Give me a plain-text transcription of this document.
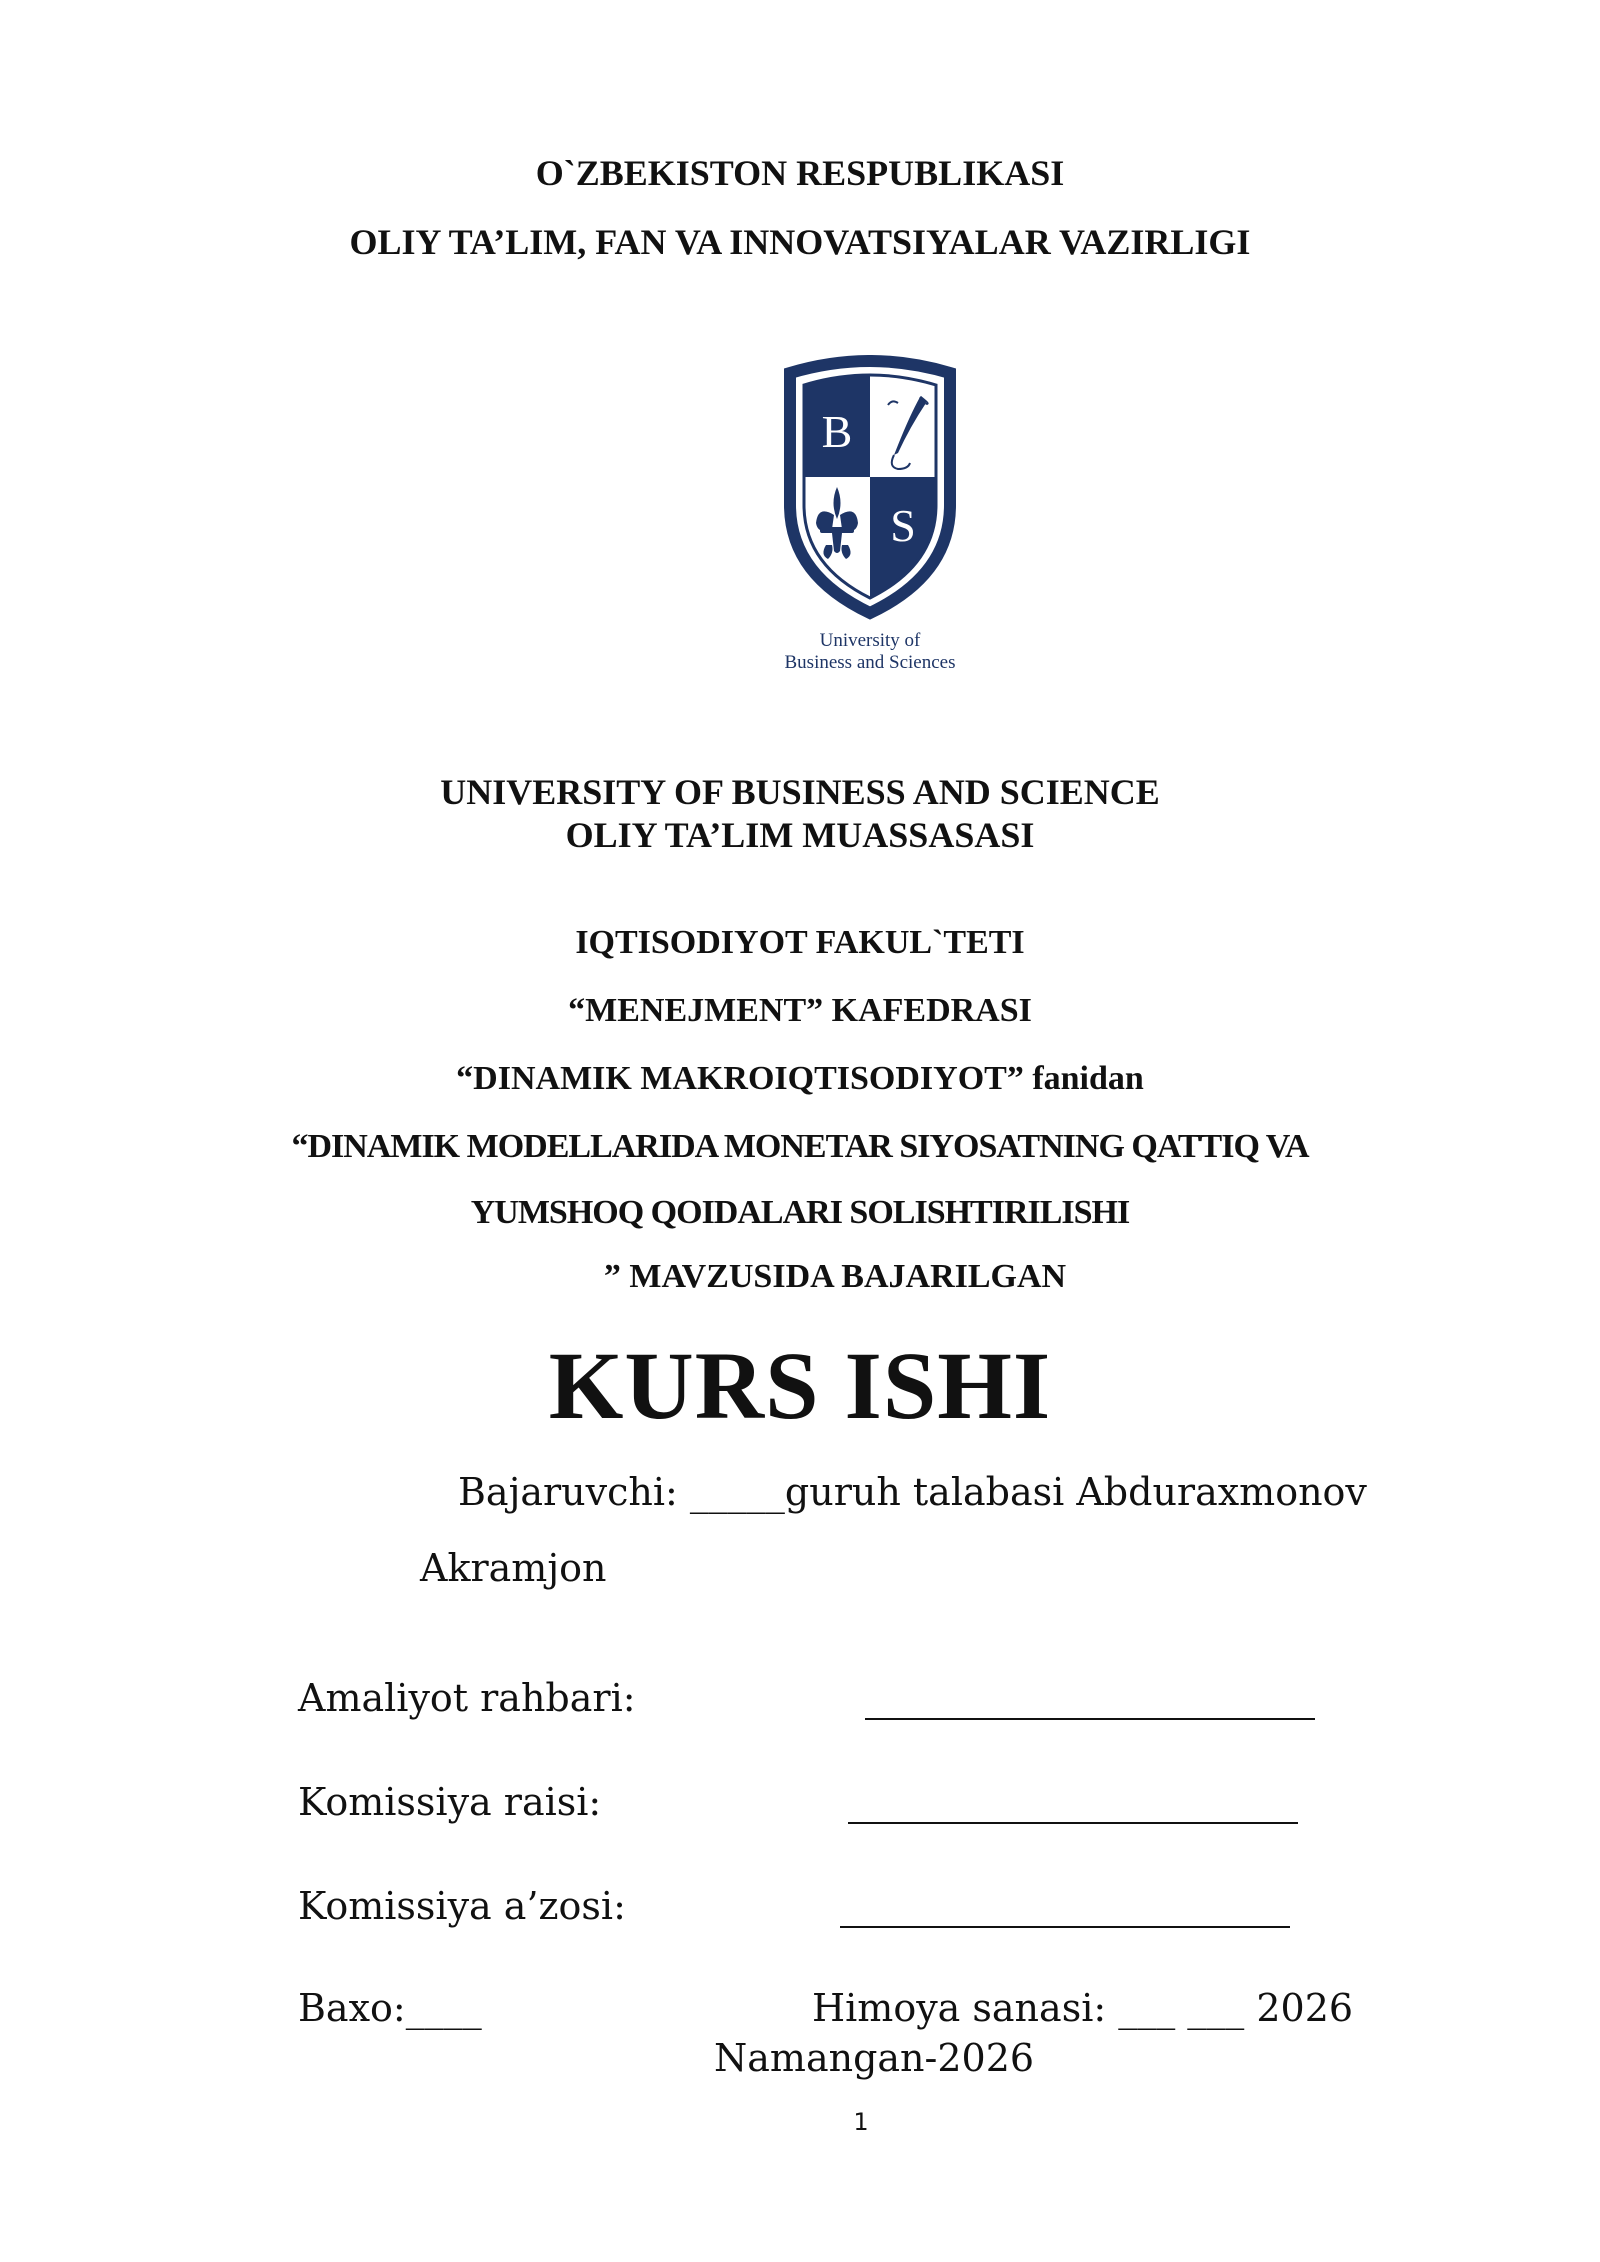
O`ZBEKISTON RESPUBLIKASI
OLIY TA’LIM, FAN VA INNOVATSIYALAR VAZIRLIGI
B
S
University of
Business and Sciences
UNIVERSITY OF BUSINESS AND SCIENCE
OLIY TA’LIM MUASSASASI
IQTISODIYOT FAKUL`TETI
“MENEJMENT” KAFEDRASI
“DINAMIK MAKROIQTISODIYOT” fanidan
“DINAMIK MODELLARIDA MONETAR SIYOSATNING QATTIQ VA
YUMSHOQ QOIDALARI SOLISHTIRILISHI
” MAVZUSIDA BAJARILGAN
KURS ISHI
Bajaruvchi: _____guruh talabasi Abduraxmonov
Akramjon
Amaliyot rahbari:
Komissiya raisi:
Komissiya a’zosi:
Baxo:____	Himoya sanasi: ___ ___ 2026
Namangan-2026
1
